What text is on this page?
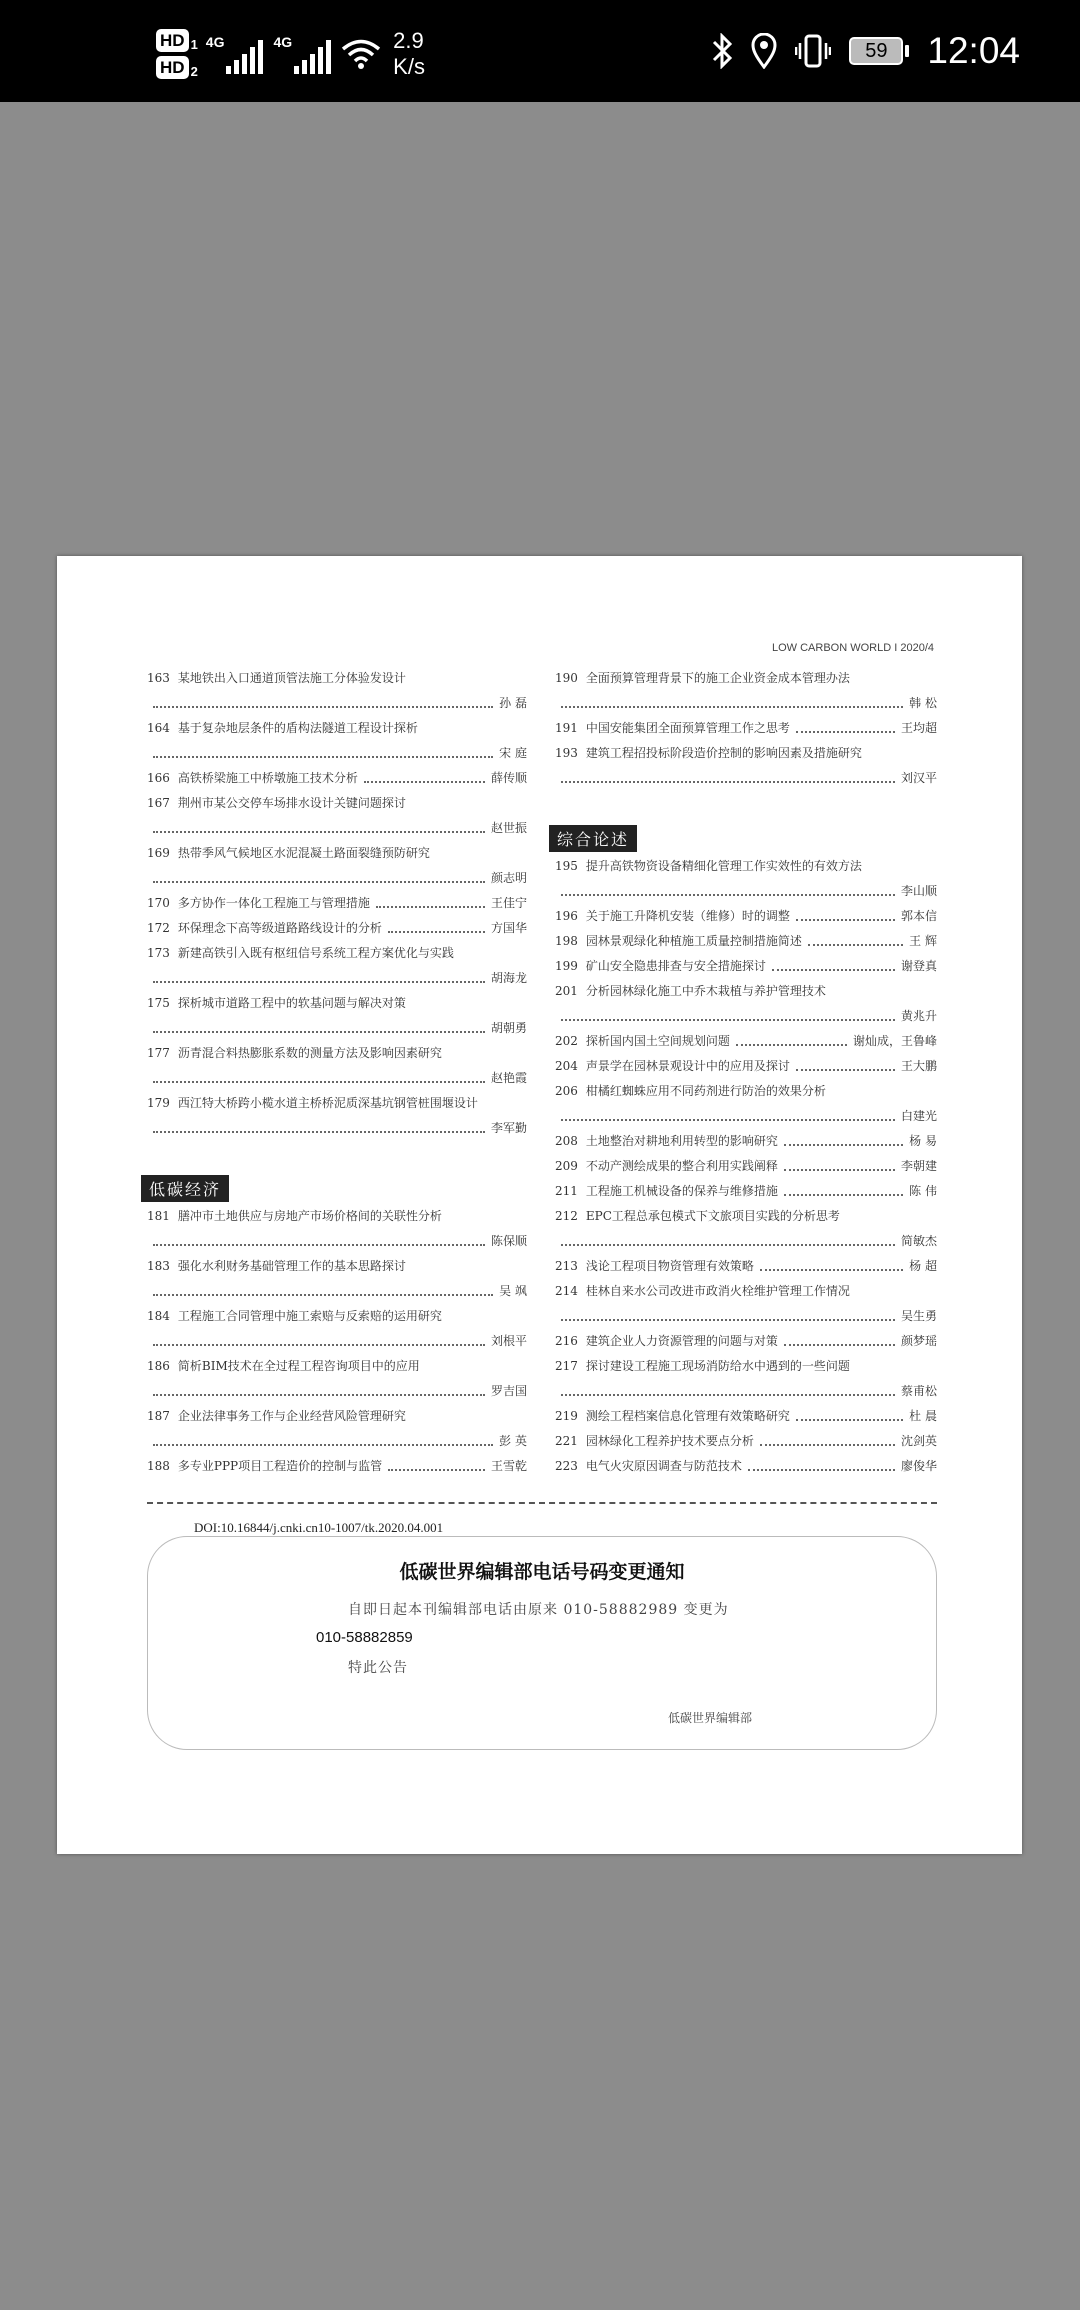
HD 1
HD 2
4G	4G	2.9
K/s
59	12:04
LOW CARBON WORLD I 2020/4
163 某地铁出入口通道顶管法施工分体验发设计
孙 磊
164 基于复杂地层条件的盾构法隧道工程设计探析
宋 庭
166 高铁桥梁施工中桥墩施工技术分析	薛传顺
167 荆州市某公交停车场排水设计关键问题探讨
赵世振
169 热带季风气候地区水泥混凝土路面裂缝预防研究
颜志明
170 多方协作一体化工程施工与管理措施	王佳宁
172 环保理念下高等级道路路线设计的分析	方国华
173 新建高铁引入既有枢纽信号系统工程方案优化与实践
胡海龙
175 探析城市道路工程中的软基问题与解决对策
胡朝勇
177 沥青混合料热膨胀系数的测量方法及影响因素研究
赵艳霞
179 西江特大桥跨小榄水道主桥桥泥质深基坑钢管桩围堰设计
李军勤
低碳经济
181 膳冲市土地供应与房地产市场价格间的关联性分析
陈保顺
183 强化水利财务基础管理工作的基本思路探讨
吴 飒
184 工程施工合同管理中施工索赔与反索赔的运用研究
刘根平
186 简析BIM技术在全过程工程咨询项目中的应用
罗吉国
187 企业法律事务工作与企业经营风险管理研究
彭 英
188 多专业PPP项目工程造价的控制与监管	王雪乾
190 全面预算管理背景下的施工企业资金成本管理办法
韩 松
191 中国安能集团全面预算管理工作之思考	王均超
193 建筑工程招投标阶段造价控制的影响因素及措施研究
刘汉平
综合论述
195 提升高铁物资设备精细化管理工作实效性的有效方法
李山顺
196 关于施工升降机安装（维修）时的调整	郭本信
198 园林景观绿化种植施工质量控制措施简述	王 辉
199 矿山安全隐患排查与安全措施探讨	谢登真
201 分析园林绿化施工中乔木栽植与养护管理技术
黄兆升
202 探析国内国土空间规划问题	谢灿成，王鲁峰
204 声景学在园林景观设计中的应用及探讨	王大鹏
206 柑橘红蜘蛛应用不同药剂进行防治的效果分析
白建光
208 土地整治对耕地利用转型的影响研究	杨 易
209 不动产测绘成果的整合利用实践阐释	李朝建
211 工程施工机械设备的保养与维修措施	陈 伟
212 EPC工程总承包模式下文旅项目实践的分析思考
简敏杰
213 浅论工程项目物资管理有效策略	杨 超
214 桂林自来水公司改进市政消火栓维护管理工作情况
吴生勇
216 建筑企业人力资源管理的问题与对策	颜梦瑶
217 探讨建设工程施工现场消防给水中遇到的一些问题
蔡甫松
219 测绘工程档案信息化管理有效策略研究	杜 晨
221 园林绿化工程养护技术要点分析	沈剑英
223 电气火灾原因调查与防范技术	廖俊华
DOI:10.16844/j.cnki.cn10-1007/tk.2020.04.001
低碳世界编辑部电话号码变更通知
自即日起本刊编辑部电话由原来 010-58882989 变更为
010-58882859
特此公告
低碳世界编辑部
